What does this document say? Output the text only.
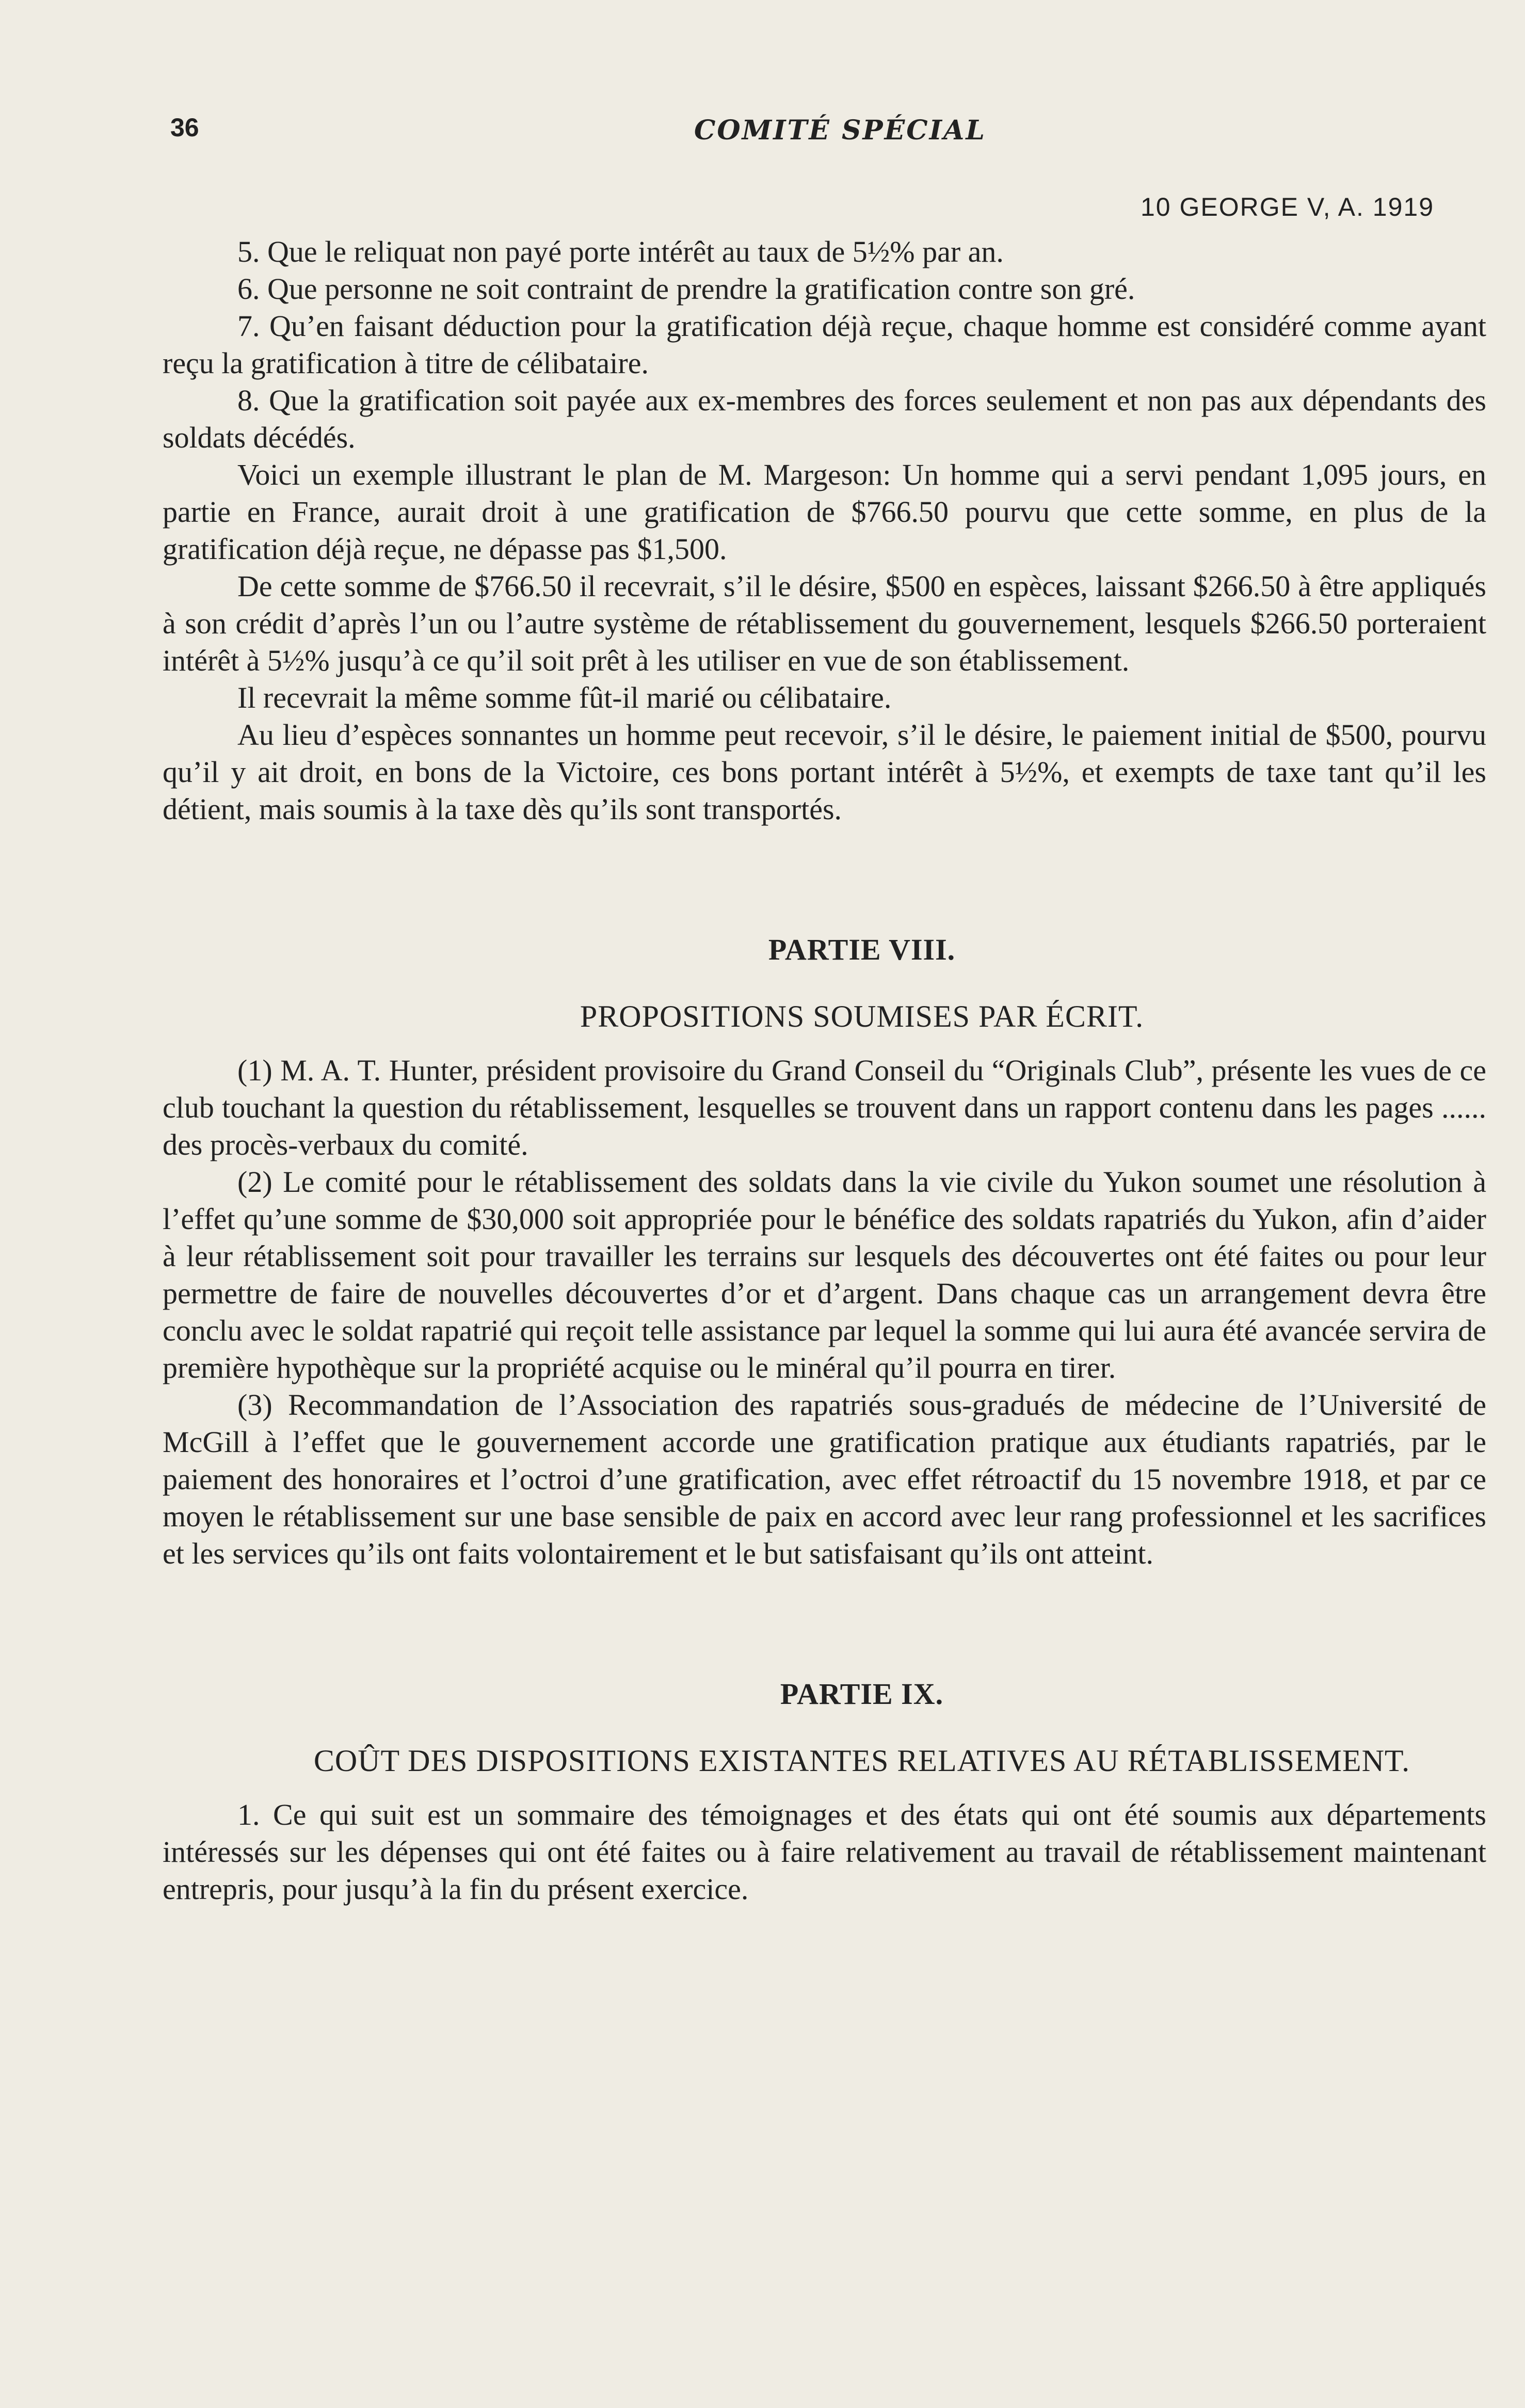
36	COMITÉ SPÉCIAL
10 GEORGE V, A. 1919

5. Que le reliquat non payé porte intérêt au taux de 5½% par an.

6. Que personne ne soit contraint de prendre la gratification contre son gré.

7. Qu’en faisant déduction pour la gratification déjà reçue, chaque homme est considéré comme ayant reçu la gratification à titre de célibataire.

8. Que la gratification soit payée aux ex-membres des forces seulement et non pas aux dépendants des soldats décédés.

Voici un exemple illustrant le plan de M. Margeson: Un homme qui a servi pendant 1,095 jours, en partie en France, aurait droit à une gratification de $766.50 pourvu que cette somme, en plus de la gratification déjà reçue, ne dépasse pas $1,500.

De cette somme de $766.50 il recevrait, s’il le désire, $500 en espèces, laissant $266.50 à être appliqués à son crédit d’après l’un ou l’autre système de rétablissement du gouvernement, lesquels $266.50 porteraient intérêt à 5½% jusqu’à ce qu’il soit prêt à les utiliser en vue de son établissement.

Il recevrait la même somme fût-il marié ou célibataire.

Au lieu d’espèces sonnantes un homme peut recevoir, s’il le désire, le paiement initial de $500, pourvu qu’il y ait droit, en bons de la Victoire, ces bons portant intérêt à 5½%, et exempts de taxe tant qu’il les détient, mais soumis à la taxe dès qu’ils sont transportés.

PARTIE VIII.

PROPOSITIONS SOUMISES PAR ÉCRIT.

(1) M. A. T. Hunter, président provisoire du Grand Conseil du “Originals Club”, présente les vues de ce club touchant la question du rétablissement, lesquelles se trouvent dans un rapport contenu dans les pages ...... des procès-verbaux du comité.

(2) Le comité pour le rétablissement des soldats dans la vie civile du Yukon soumet une résolution à l’effet qu’une somme de $30,000 soit appropriée pour le bénéfice des soldats rapatriés du Yukon, afin d’aider à leur rétablissement soit pour travailler les terrains sur lesquels des découvertes ont été faites ou pour leur permettre de faire de nouvelles découvertes d’or et d’argent. Dans chaque cas un arrangement devra être conclu avec le soldat rapatrié qui reçoit telle assistance par lequel la somme qui lui aura été avancée servira de première hypothèque sur la propriété acquise ou le minéral qu’il pourra en tirer.

(3) Recommandation de l’Association des rapatriés sous-gradués de médecine de l’Université de McGill à l’effet que le gouvernement accorde une gratification pratique aux étudiants rapatriés, par le paiement des honoraires et l’octroi d’une gratification, avec effet rétroactif du 15 novembre 1918, et par ce moyen le rétablissement sur une base sensible de paix en accord avec leur rang professionnel et les sacrifices et les services qu’ils ont faits volontairement et le but satisfaisant qu’ils ont atteint.

PARTIE IX.

COÛT DES DISPOSITIONS EXISTANTES RELATIVES AU RÉTABLISSEMENT.

1. Ce qui suit est un sommaire des témoignages et des états qui ont été soumis aux départements intéressés sur les dépenses qui ont été faites ou à faire relativement au travail de rétablissement maintenant entrepris, pour jusqu’à la fin du présent exercice.
